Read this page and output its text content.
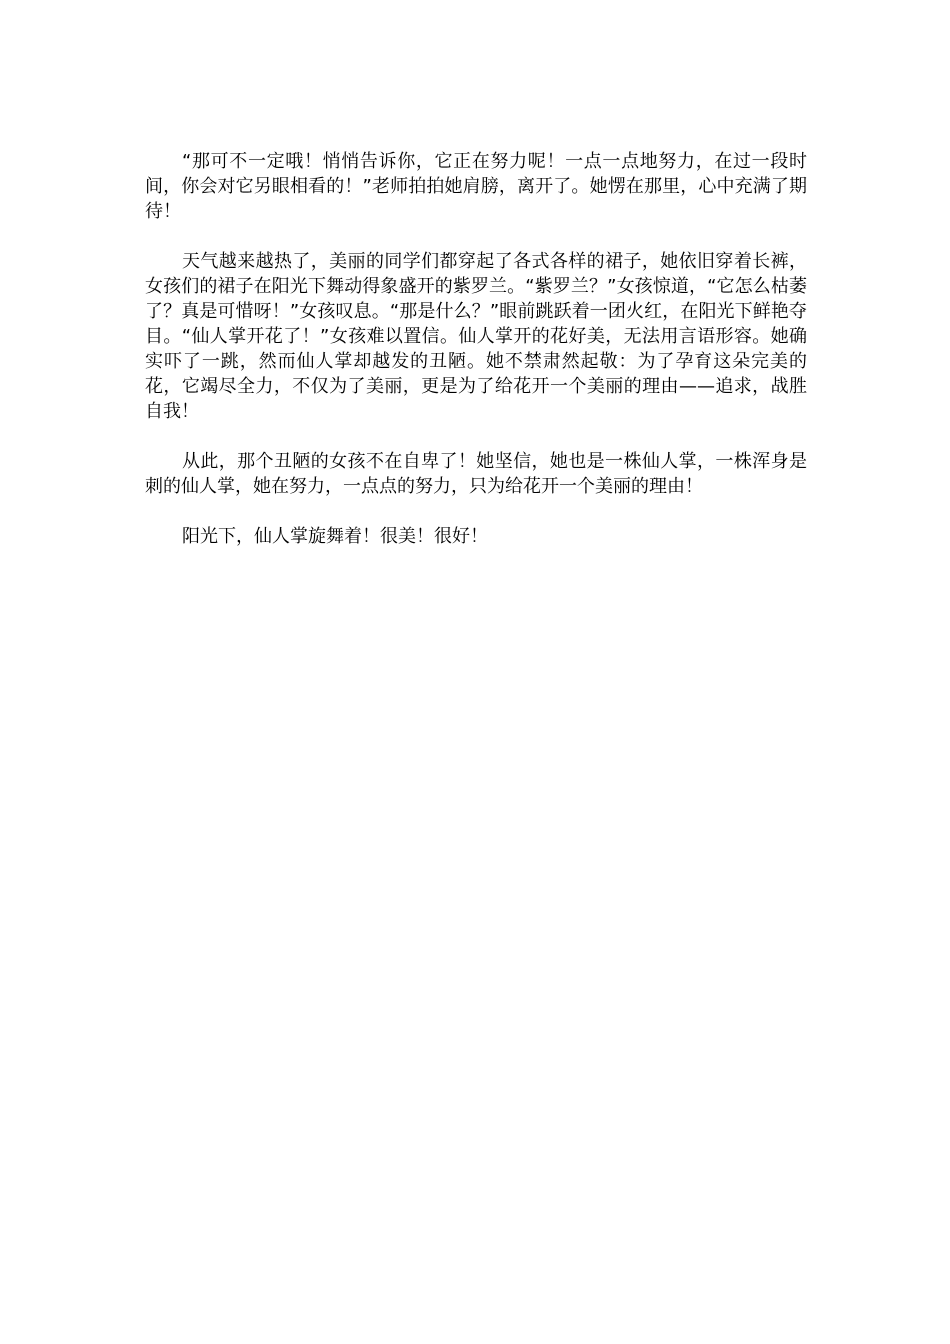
“那可不一定哦！悄悄告诉你，它正在努力呢！一点一点地努力，在过一段时间，你会对它另眼相看的！”老师拍拍她肩膀，离开了。她愣在那里，心中充满了期待！

天气越来越热了，美丽的同学们都穿起了各式各样的裙子，她依旧穿着长裤，女孩们的裙子在阳光下舞动得象盛开的紫罗兰。“紫罗兰？”女孩惊道，“它怎么枯萎了？真是可惜呀！”女孩叹息。“那是什么？”眼前跳跃着一团火红，在阳光下鲜艳夺目。“仙人掌开花了！”女孩难以置信。仙人掌开的花好美，无法用言语形容。她确实吓了一跳，然而仙人掌却越发的丑陋。她不禁肃然起敬：为了孕育这朵完美的花，它竭尽全力，不仅为了美丽，更是为了给花开一个美丽的理由——追求，战胜自我！

从此，那个丑陋的女孩不在自卑了！她坚信，她也是一株仙人掌，一株浑身是刺的仙人掌，她在努力，一点点的努力，只为给花开一个美丽的理由！

阳光下，仙人掌旋舞着！很美！很好！
